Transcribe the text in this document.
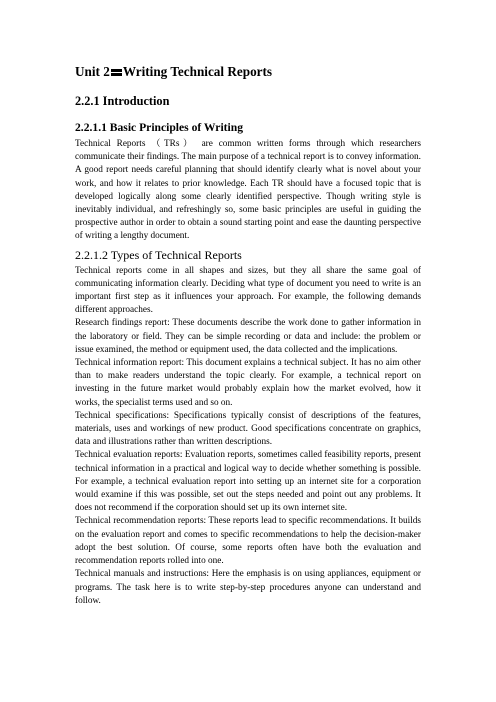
Unit 2 Writing Technical Reports
2.2.1 Introduction
2.2.1.1 Basic Principles of Writing

Technical Reports （TRs） are common written forms through which researchers communicate their findings. The main purpose of a technical report is to convey information. A good report needs careful planning that should identify clearly what is novel about your work, and how it relates to prior knowledge. Each TR should have a focused topic that is developed logically along some clearly identified perspective. Though writing style is inevitably individual, and refreshingly so, some basic principles are useful in guiding the prospective author in order to obtain a sound starting point and ease the daunting perspective of writing a lengthy document.

2.2.1.2 Types of Technical Reports

Technical reports come in all shapes and sizes, but they all share the same goal of communicating information clearly. Deciding what type of document you need to write is an important first step as it influences your approach. For example, the following demands different approaches.

Research findings report: These documents describe the work done to gather information in the laboratory or field. They can be simple recording or data and include: the problem or issue examined, the method or equipment used, the data collected and the implications.

Technical information report: This document explains a technical subject. It has no aim other than to make readers understand the topic clearly. For example, a technical report on investing in the future market would probably explain how the market evolved, how it works, the specialist terms used and so on.

Technical specifications: Specifications typically consist of descriptions of the features, materials, uses and workings of new product. Good specifications concentrate on graphics, data and illustrations rather than written descriptions.

Technical evaluation reports: Evaluation reports, sometimes called feasibility reports, present technical information in a practical and logical way to decide whether something is possible. For example, a technical evaluation report into setting up an internet site for a corporation would examine if this was possible, set out the steps needed and point out any problems. It does not recommend if the corporation should set up its own internet site.

Technical recommendation reports: These reports lead to specific recommendations. It builds on the evaluation report and comes to specific recommendations to help the decision-maker adopt the best solution. Of course, some reports often have both the evaluation and recommendation reports rolled into one.

Technical manuals and instructions: Here the emphasis is on using appliances, equipment or programs. The task here is to write step-by-step procedures anyone can understand and follow.
